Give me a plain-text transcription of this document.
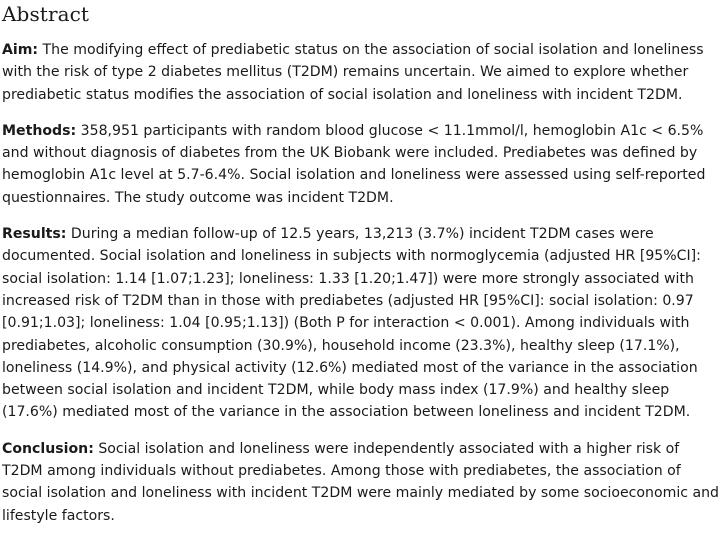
Abstract

Aim: The modifying effect of prediabetic status on the association of social isolation and loneliness with the risk of type 2 diabetes mellitus (T2DM) remains uncertain. We aimed to explore whether prediabetic status modifies the association of social isolation and loneliness with incident T2DM.

Methods: 358,951 participants with random blood glucose < 11.1mmol/l, hemoglobin A1c < 6.5% and without diagnosis of diabetes from the UK Biobank were included. Prediabetes was defined by hemoglobin A1c level at 5.7-6.4%. Social isolation and loneliness were assessed using self-reported questionnaires. The study outcome was incident T2DM.

Results: During a median follow-up of 12.5 years, 13,213 (3.7%) incident T2DM cases were documented. Social isolation and loneliness in subjects with normoglycemia (adjusted HR [95%CI]: social isolation: 1.14 [1.07;1.23]; loneliness: 1.33 [1.20;1.47]) were more strongly associated with increased risk of T2DM than in those with prediabetes (adjusted HR [95%CI]: social isolation: 0.97 [0.91;1.03]; loneliness: 1.04 [0.95;1.13]) (Both P for interaction < 0.001). Among individuals with prediabetes, alcoholic consumption (30.9%), household income (23.3%), healthy sleep (17.1%), loneliness (14.9%), and physical activity (12.6%) mediated most of the variance in the association between social isolation and incident T2DM, while body mass index (17.9%) and healthy sleep (17.6%) mediated most of the variance in the association between loneliness and incident T2DM.

Conclusion: Social isolation and loneliness were independently associated with a higher risk of T2DM among individuals without prediabetes. Among those with prediabetes, the association of social isolation and loneliness with incident T2DM were mainly mediated by some socioeconomic and lifestyle factors.
